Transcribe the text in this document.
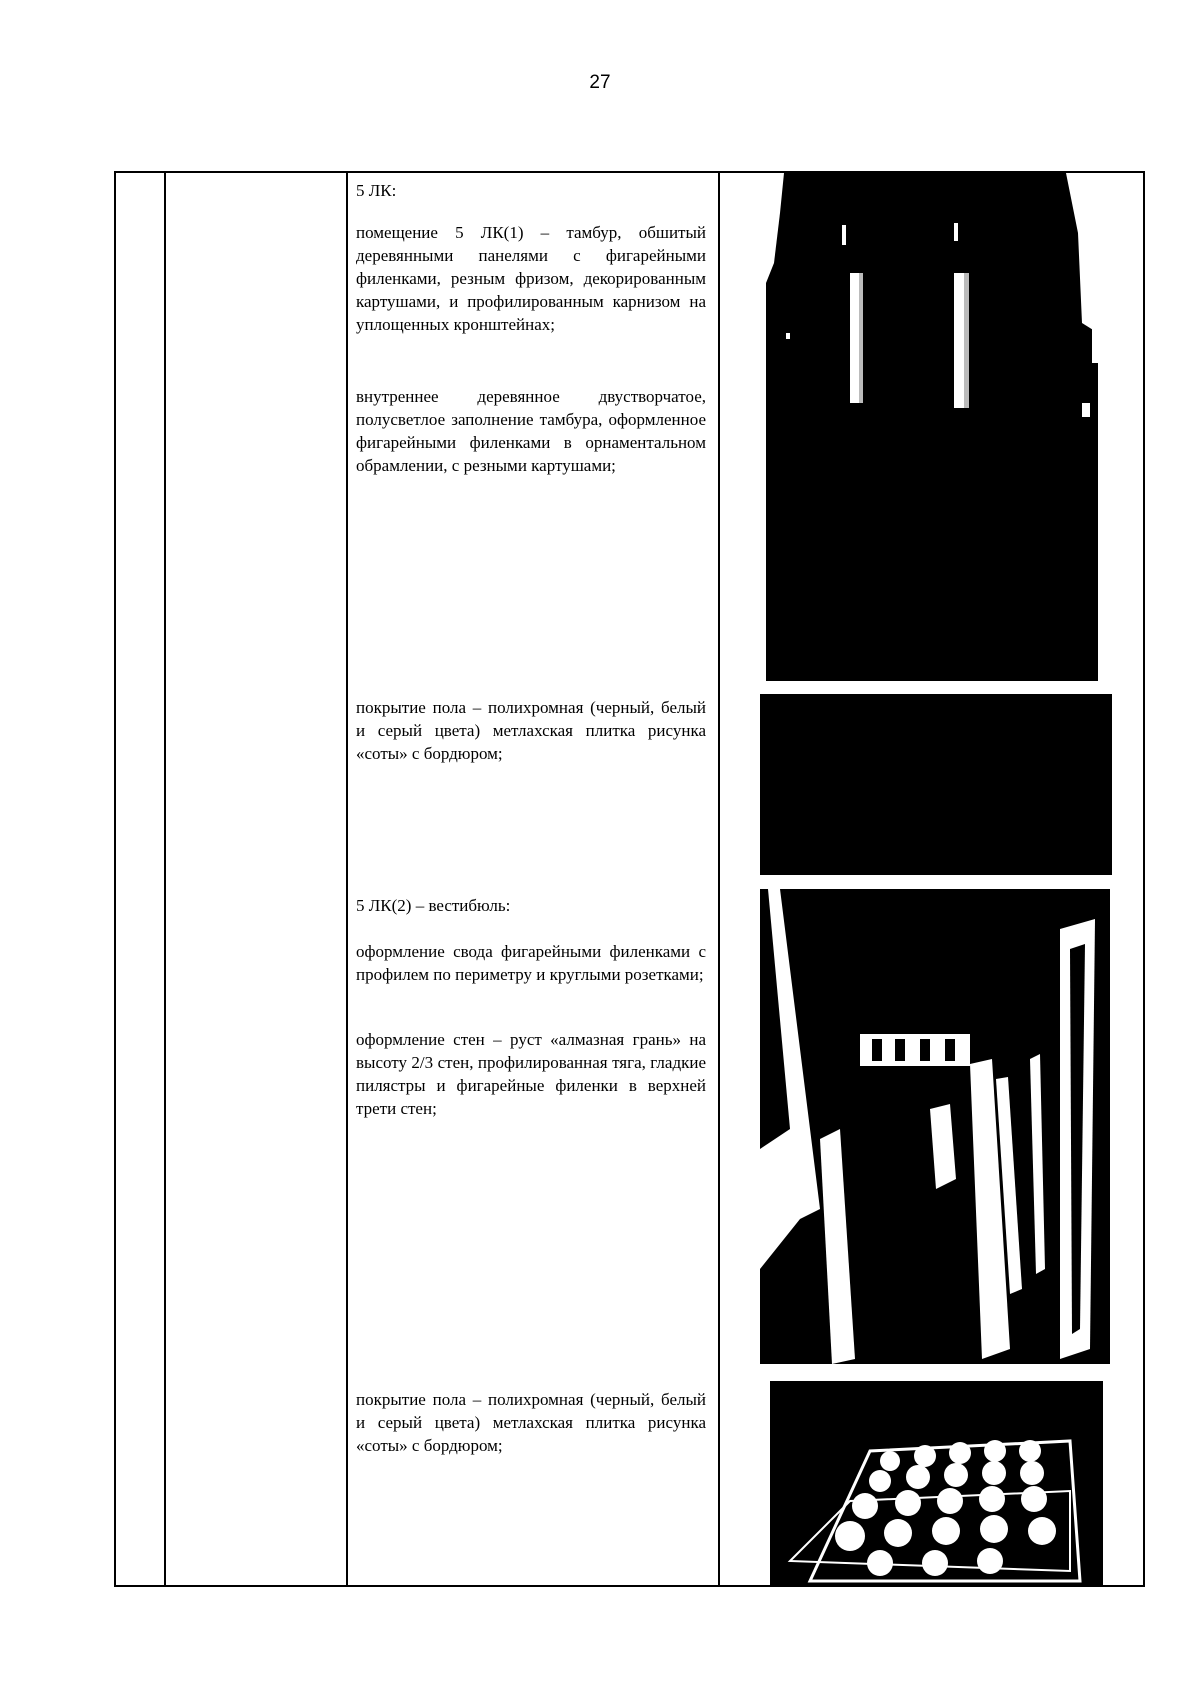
27

5 ЛК:

помещение 5 ЛК(1) – тамбур, обшитый деревянными панелями с фигарейными филенками, резным фризом, декорированным картушами, и профилированным карнизом на уплощенных кронштейнах;

внутреннее деревянное двустворчатое, полусветлое заполнение тамбура, оформленное фигарейными филенками в орнаментальном обрамлении, с резными картушами;

покрытие пола – полихромная (черный, белый и серый цвета) метлахская плитка рисунка «соты» с бордюром;

5 ЛК(2) – вестибюль:

оформление свода фигарейными филенками с профилем по периметру и круглыми розетками;

оформление стен – руст «алмазная грань» на высоту 2/3 стен, профилированная тяга, гладкие пилястры и фигарейные филенки в верхней трети стен;

покрытие пола – полихромная (черный, белый и серый цвета) метлахская плитка рисунка «соты» с бордюром;
